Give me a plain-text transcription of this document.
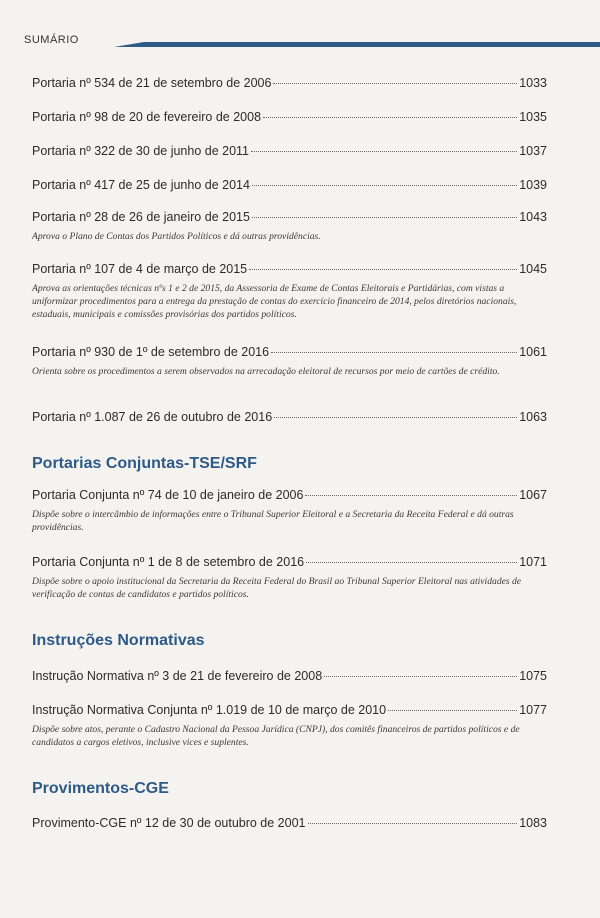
SUMÁRIO
Portaria nº 534 de 21 de setembro de 2006	1033
Portaria nº 98 de 20 de fevereiro de 2008	1035
Portaria nº 322 de 30 de junho de 2011	1037
Portaria nº 417 de 25 de junho de 2014	1039
Portaria nº 28 de 26 de janeiro de 2015	1043
Aprova o Plano de Contas dos Partidos Políticos e dá outras providências.
Portaria nº 107 de 4 de março de 2015	1045
Aprova as orientações técnicas nºs 1 e 2 de 2015, da Assessoria de Exame de Contas Eleitorais e Partidárias, com vistas a uniformizar procedimentos para a entrega da prestação de contas do exercício financeiro de 2014, pelos diretórios nacionais, estaduais, municipais e comissões provisórias dos partidos políticos.
Portaria nº 930 de 1º de setembro de 2016	1061
Orienta sobre os procedimentos a serem observados na arrecadação eleitoral de recursos por meio de cartões de crédito.
Portaria nº 1.087 de 26 de outubro de 2016	1063
Portarias Conjuntas-TSE/SRF
Portaria Conjunta nº 74 de 10 de janeiro de 2006	1067
Dispõe sobre o intercâmbio de informações entre o Tribunal Superior Eleitoral e a Secretaria da Receita Federal e dá outras providências.
Portaria Conjunta nº 1 de 8 de setembro de 2016	1071
Dispõe sobre o apoio institucional da Secretaria da Receita Federal do Brasil ao Tribunal Superior Eleitoral nas atividades de verificação de contas de candidatos e partidos políticos.
Instruções Normativas
Instrução Normativa nº 3 de 21 de fevereiro de 2008	1075
Instrução Normativa Conjunta nº 1.019 de 10 de março de 2010	1077
Dispõe sobre atos, perante o Cadastro Nacional da Pessoa Jurídica (CNPJ), dos comitês financeiros de partidos políticos e de candidatos a cargos eletivos, inclusive vices e suplentes.
Provimentos-CGE
Provimento-CGE nº 12 de 30 de outubro de 2001	1083
